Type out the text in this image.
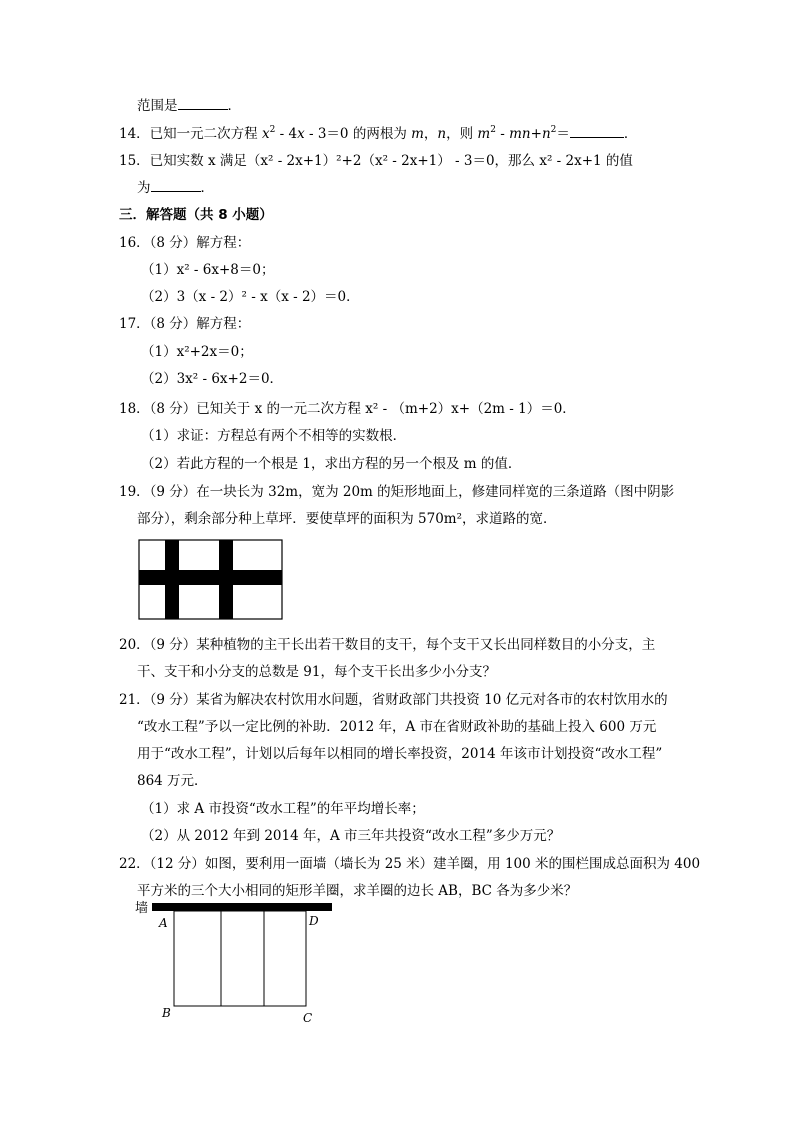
范围是	．
14．已知一元二次方程 $x^2 - 4x - 3=0$ 的两根为 m，n，则 $m^2 - mn+n^2=$	．
15．已知实数 x 满足（x² - 2x+1）²+2（x² - 2x+1） - 3＝0，那么 x² - 2x+1 的值
为	．
三．解答题（共 8 小题）
16．（8 分）解方程：
（1）x² - 6x+8＝0；
（2）3（x - 2）² - x（x - 2）＝0．
17．（8 分）解方程：
（1）x²+2x＝0；
（2）3x² - 6x+2＝0．
18．（8 分）已知关于 x 的一元二次方程 x² - （m+2）x+（2m - 1）＝0．
（1）求证：方程总有两个不相等的实数根．
（2）若此方程的一个根是 1，求出方程的另一个根及 m 的值．
19．（9 分）在一块长为 32m，宽为 20m 的矩形地面上，修建同样宽的三条道路（图中阴影
部分），剩余部分种上草坪．要使草坪的面积为 570m²，求道路的宽．
20．（9 分）某种植物的主干长出若干数目的支干，每个支干又长出同样数目的小分支，主
干、支干和小分支的总数是 91，每个支干长出多少小分支？
21．（9 分）某省为解决农村饮用水问题，省财政部门共投资 10 亿元对各市的农村饮用水的
“改水工程”予以一定比例的补助．2012 年，A 市在省财政补助的基础上投入 600 万元
用于“改水工程”，计划以后每年以相同的增长率投资，2014 年该市计划投资“改水工程”
864 万元．
（1）求 A 市投资“改水工程”的年平均增长率；
（2）从 2012 年到 2014 年，A 市三年共投资“改水工程”多少万元？
22．（12 分）如图，要利用一面墙（墙长为 25 米）建羊圈，用 100 米的围栏围成总面积为 400
平方米的三个大小相同的矩形羊圈，求羊圈的边长 AB，BC 各为多少米？
墙
A	D
B	C
